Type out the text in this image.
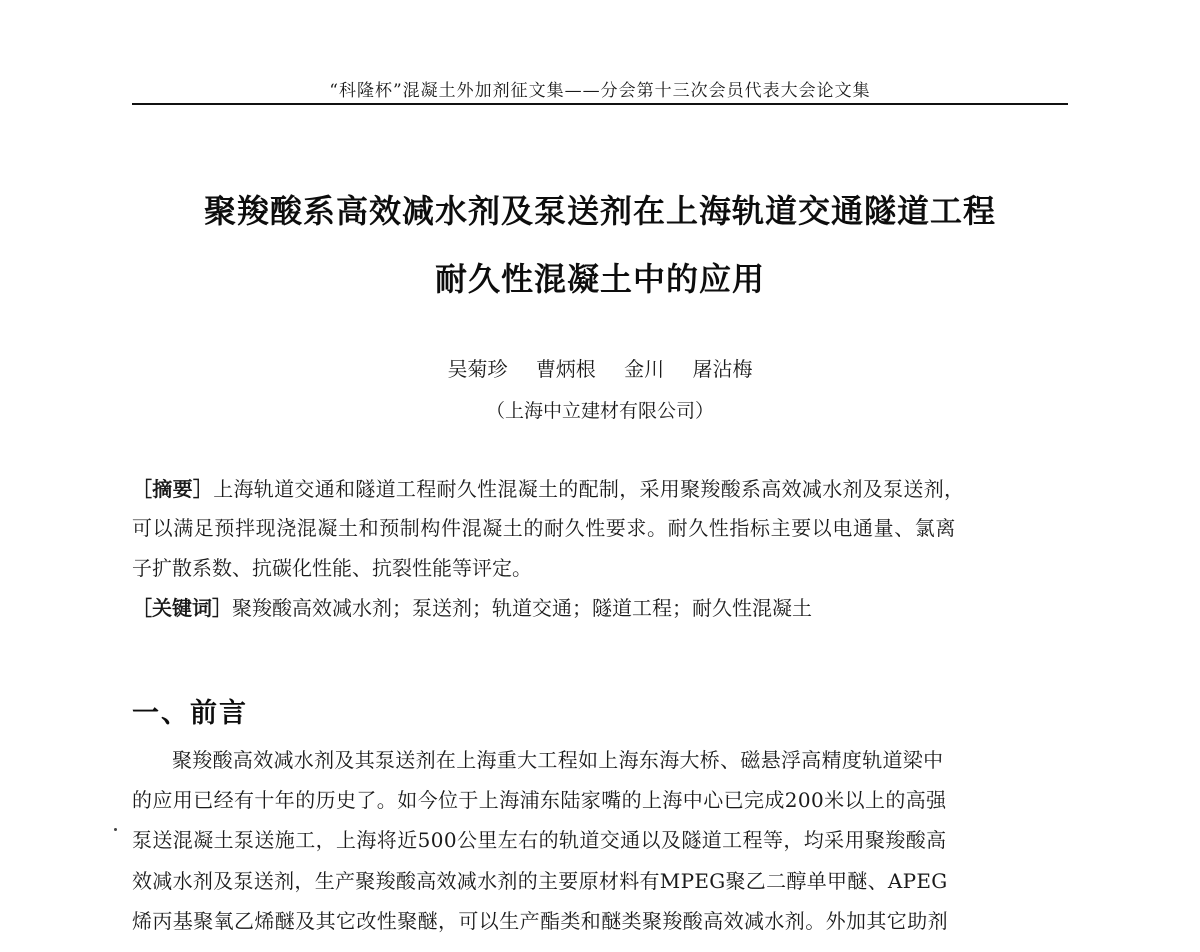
“科隆杯”混凝土外加剂征文集——分会第十三次会员代表大会论文集
聚羧酸系高效减水剂及泵送剂在上海轨道交通隧道工程
耐久性混凝土中的应用
吴菊珍 曹炳根 金川 屠沾梅
（上海中立建材有限公司）
［摘要］上海轨道交通和隧道工程耐久性混凝土的配制，采用聚羧酸系高效减水剂及泵送剂，
可以满足预拌现浇混凝土和预制构件混凝土的耐久性要求。耐久性指标主要以电通量、氯离
子扩散系数、抗碳化性能、抗裂性能等评定。
［关键词］聚羧酸高效减水剂；泵送剂；轨道交通；隧道工程；耐久性混凝土
一、前言
聚羧酸高效减水剂及其泵送剂在上海重大工程如上海东海大桥、磁悬浮高精度轨道梁中
的应用已经有十年的历史了。如今位于上海浦东陆家嘴的上海中心已完成200米以上的高强
泵送混凝土泵送施工，上海将近500公里左右的轨道交通以及隧道工程等，均采用聚羧酸高
效减水剂及泵送剂，生产聚羧酸高效减水剂的主要原材料有MPEG聚乙二醇单甲醚、APEG
烯丙基聚氧乙烯醚及其它改性聚醚，可以生产酯类和醚类聚羧酸高效减水剂。外加其它助剂
